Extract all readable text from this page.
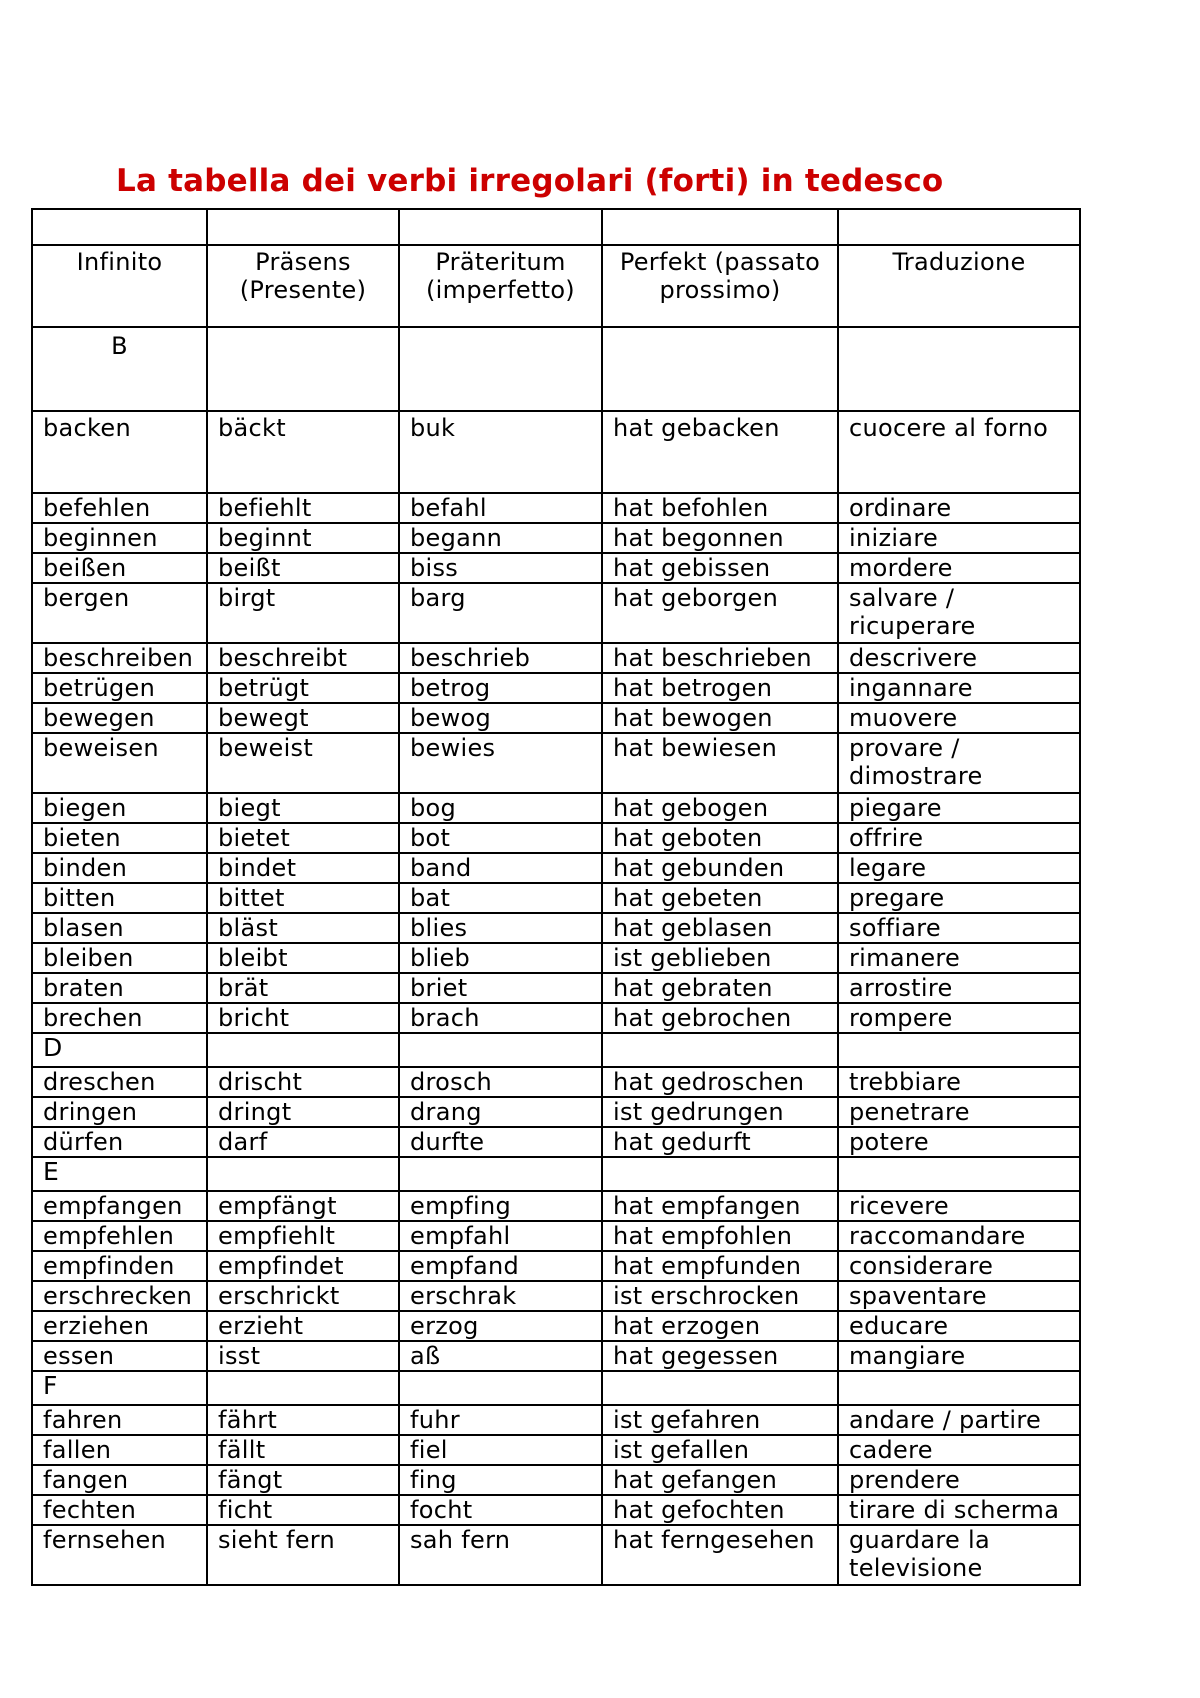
La tabella dei verbi irregolari (forti) in tedesco

Infinito	Präsens (Presente)	Präteritum (imperfetto)	Perfekt (passato prossimo)	Traduzione
B				
backen	bäckt	buk	hat gebacken	cuocere al forno
befehlen	befiehlt	befahl	hat befohlen	ordinare
beginnen	beginnt	begann	hat begonnen	iniziare
beißen	beißt	biss	hat gebissen	mordere
bergen	birgt	barg	hat geborgen	salvare / ricuperare
beschreiben	beschreibt	beschrieb	hat beschrieben	descrivere
betrügen	betrügt	betrog	hat betrogen	ingannare
bewegen	bewegt	bewog	hat bewogen	muovere
beweisen	beweist	bewies	hat bewiesen	provare / dimostrare
biegen	biegt	bog	hat gebogen	piegare
bieten	bietet	bot	hat geboten	offrire
binden	bindet	band	hat gebunden	legare
bitten	bittet	bat	hat gebeten	pregare
blasen	bläst	blies	hat geblasen	soffiare
bleiben	bleibt	blieb	ist geblieben	rimanere
braten	brät	briet	hat gebraten	arrostire
brechen	bricht	brach	hat gebrochen	rompere
D				
dreschen	drischt	drosch	hat gedroschen	trebbiare
dringen	dringt	drang	ist gedrungen	penetrare
dürfen	darf	durfte	hat gedurft	potere
E				
empfangen	empfängt	empfing	hat empfangen	ricevere
empfehlen	empfiehlt	empfahl	hat empfohlen	raccomandare
empfinden	empfindet	empfand	hat empfunden	considerare
erschrecken	erschrickt	erschrak	ist erschrocken	spaventare
erziehen	erzieht	erzog	hat erzogen	educare
essen	isst	aß	hat gegessen	mangiare
F				
fahren	fährt	fuhr	ist gefahren	andare / partire
fallen	fällt	fiel	ist gefallen	cadere
fangen	fängt	fing	hat gefangen	prendere
fechten	ficht	focht	hat gefochten	tirare di scherma
fernsehen	sieht fern	sah fern	hat ferngesehen	guardare la televisione
